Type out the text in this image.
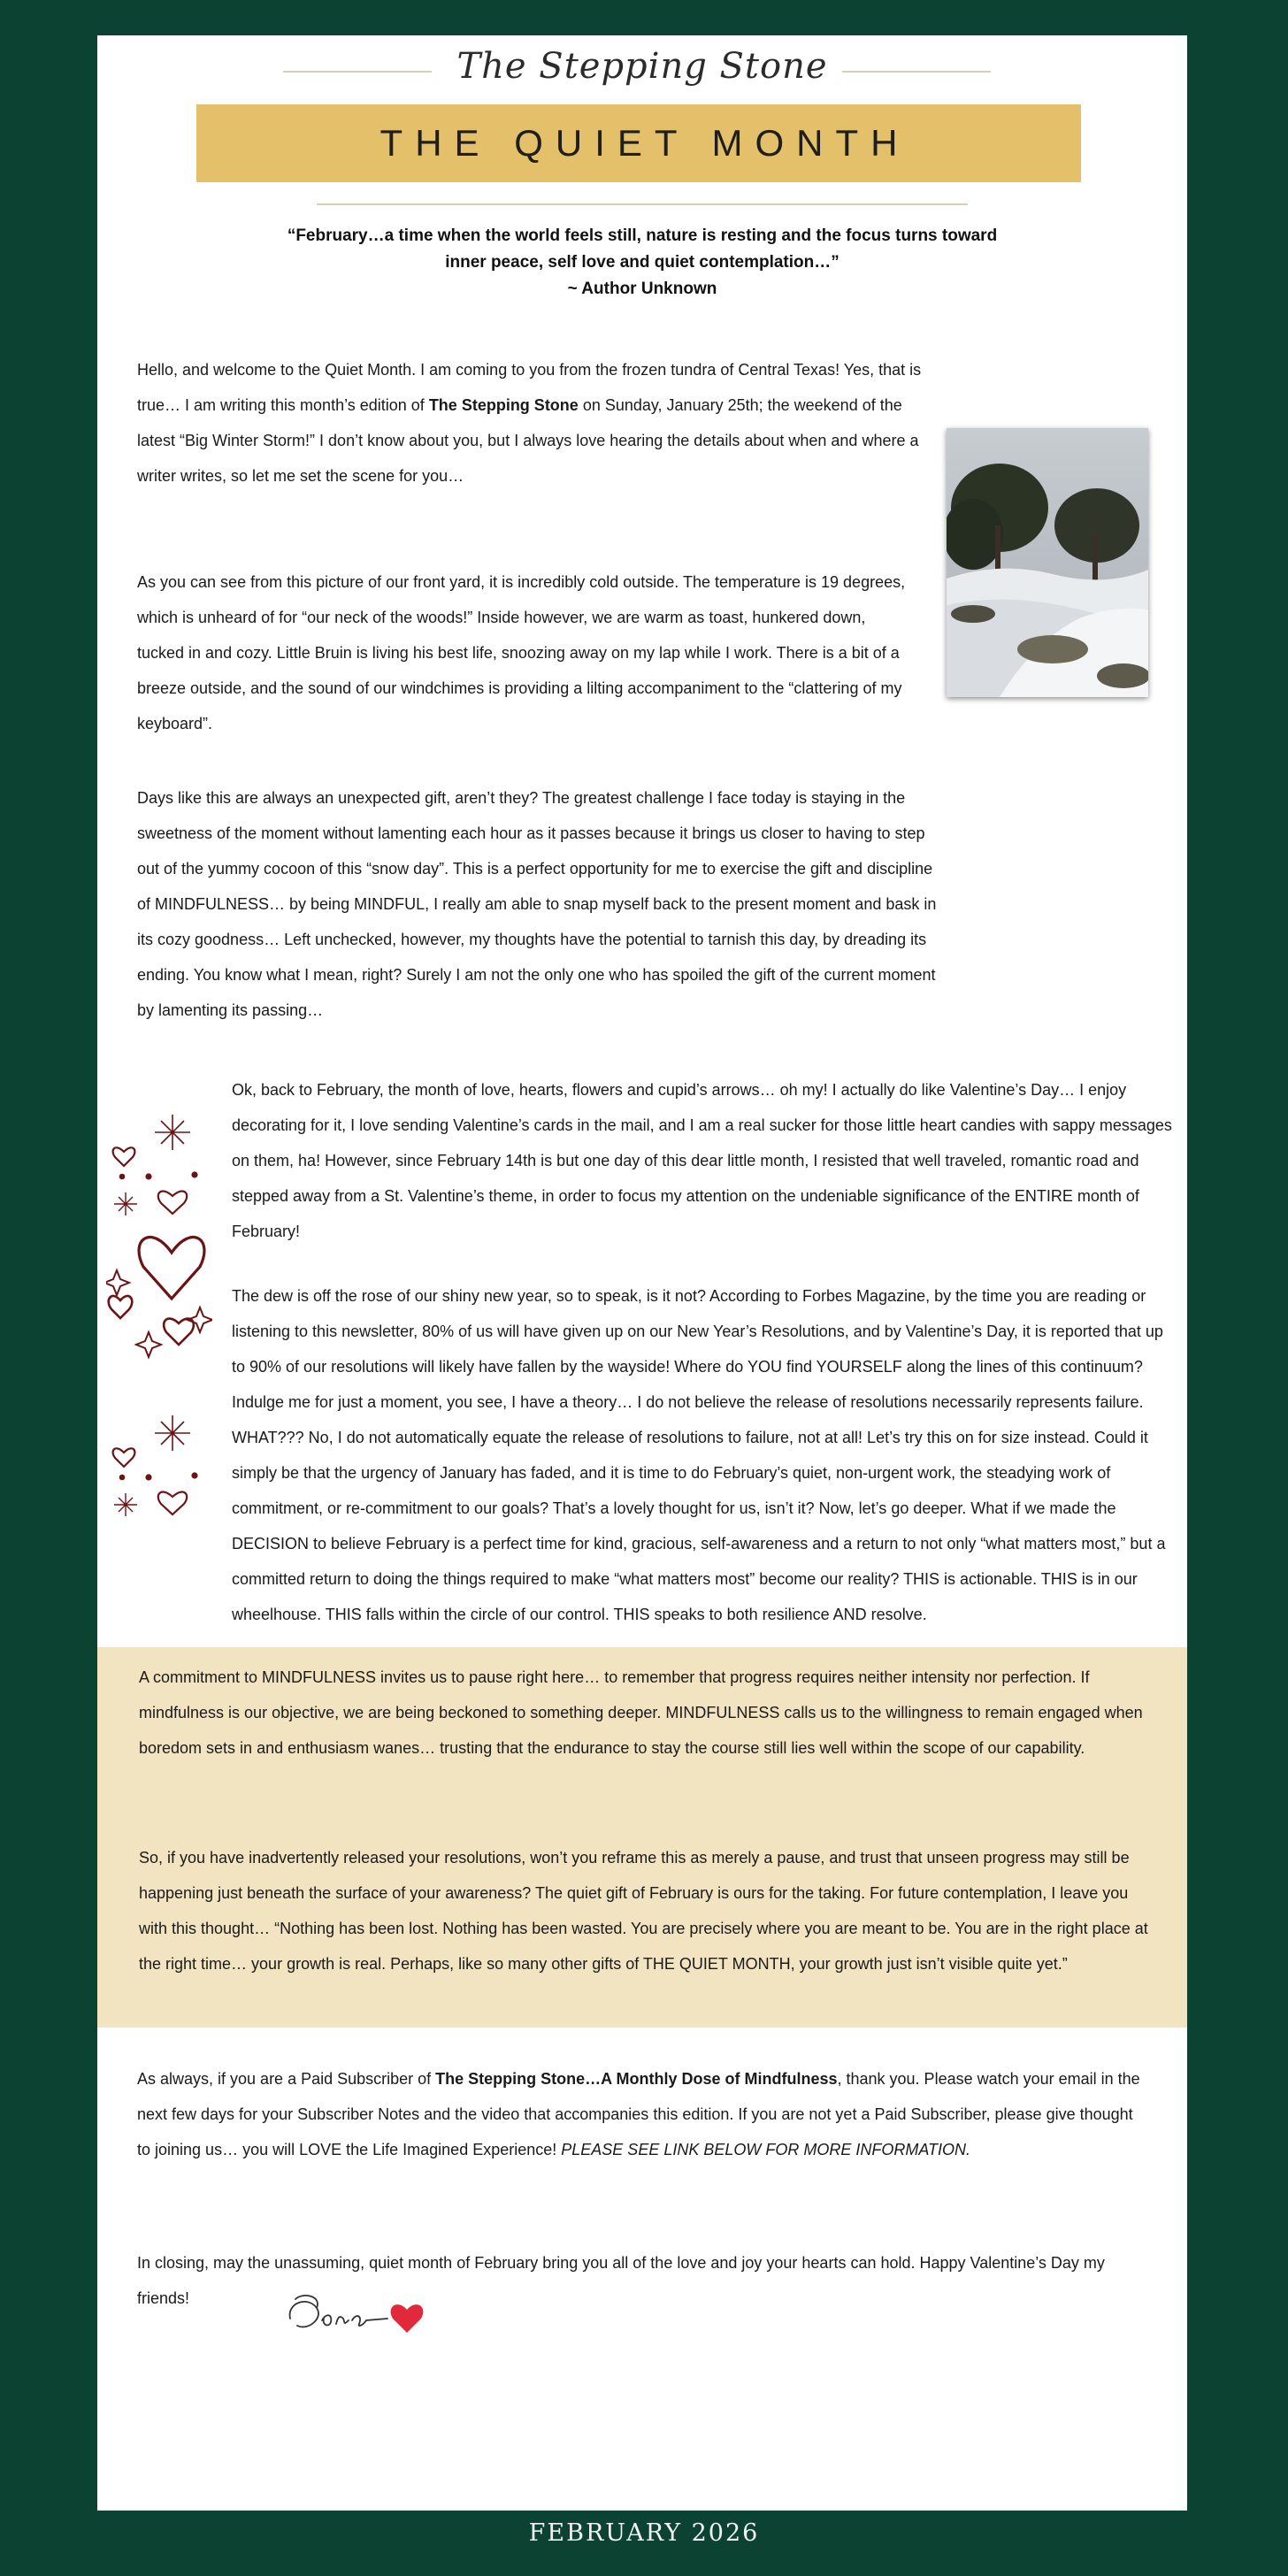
The Stepping Stone
THE QUIET MONTH
“February…a time when the world feels still, nature is resting and the focus turns toward
inner peace, self love and quiet contemplation…”
~ Author Unknown

Hello, and welcome to the Quiet Month. I am coming to you from the frozen tundra of Central Texas! Yes, that is true… I am writing this month’s edition of The Stepping Stone on Sunday, January 25th; the weekend of the latest “Big Winter Storm!” I don’t know about you, but I always love hearing the details about when and where a writer writes, so let me set the scene for you…

As you can see from this picture of our front yard, it is incredibly cold outside. The temperature is 19 degrees, which is unheard of for “our neck of the woods!” Inside however, we are warm as toast, hunkered down, tucked in and cozy. Little Bruin is living his best life, snoozing away on my lap while I work. There is a bit of a breeze outside, and the sound of our windchimes is providing a lilting accompaniment to the “clattering of my keyboard”.

Days like this are always an unexpected gift, aren’t they? The greatest challenge I face today is staying in the sweetness of the moment without lamenting each hour as it passes because it brings us closer to having to step out of the yummy cocoon of this “snow day”. This is a perfect opportunity for me to exercise the gift and discipline of MINDFULNESS… by being MINDFUL, I really am able to snap myself back to the present moment and bask in its cozy goodness… Left unchecked, however, my thoughts have the potential to tarnish this day, by dreading its ending. You know what I mean, right? Surely I am not the only one who has spoiled the gift of the current moment by lamenting its passing…

Ok, back to February, the month of love, hearts, flowers and cupid’s arrows… oh my! I actually do like Valentine’s Day… I enjoy decorating for it, I love sending Valentine’s cards in the mail, and I am a real sucker for those little heart candies with sappy messages on them, ha! However, since February 14th is but one day of this dear little month, I resisted that well traveled, romantic road and stepped away from a St. Valentine’s theme, in order to focus my attention on the undeniable significance of the ENTIRE month of February!

The dew is off the rose of our shiny new year, so to speak, is it not? According to Forbes Magazine, by the time you are reading or listening to this newsletter, 80% of us will have given up on our New Year’s Resolutions, and by Valentine’s Day, it is reported that up to 90% of our resolutions will likely have fallen by the wayside! Where do YOU find YOURSELF along the lines of this continuum? Indulge me for just a moment, you see, I have a theory… I do not believe the release of resolutions necessarily represents failure. WHAT??? No, I do not automatically equate the release of resolutions to failure, not at all! Let’s try this on for size instead. Could it simply be that the urgency of January has faded, and it is time to do February’s quiet, non-urgent work, the steadying work of commitment, or re-commitment to our goals? That’s a lovely thought for us, isn’t it? Now, let’s go deeper. What if we made the DECISION to believe February is a perfect time for kind, gracious, self-awareness and a return to not only “what matters most,” but a committed return to doing the things required to make “what matters most” become our reality? THIS is actionable. THIS is in our wheelhouse. THIS falls within the circle of our control. THIS speaks to both resilience AND resolve.

A commitment to MINDFULNESS invites us to pause right here… to remember that progress requires neither intensity nor perfection. If mindfulness is our objective, we are being beckoned to something deeper. MINDFULNESS calls us to the willingness to remain engaged when boredom sets in and enthusiasm wanes… trusting that the endurance to stay the course still lies well within the scope of our capability.

So, if you have inadvertently released your resolutions, won’t you reframe this as merely a pause, and trust that unseen progress may still be happening just beneath the surface of your awareness? The quiet gift of February is ours for the taking. For future contemplation, I leave you with this thought… “Nothing has been lost. Nothing has been wasted. You are precisely where you are meant to be. You are in the right place at the right time… your growth is real. Perhaps, like so many other gifts of THE QUIET MONTH, your growth just isn’t visible quite yet.”

As always, if you are a Paid Subscriber of The Stepping Stone…A Monthly Dose of Mindfulness, thank you. Please watch your email in the next few days for your Subscriber Notes and the video that accompanies this edition. If you are not yet a Paid Subscriber, please give thought to joining us… you will LOVE the Life Imagined Experience! PLEASE SEE LINK BELOW FOR MORE INFORMATION.

In closing, may the unassuming, quiet month of February bring you all of the love and joy your hearts can hold. Happy Valentine’s Day my friends!

FEBRUARY 2026
